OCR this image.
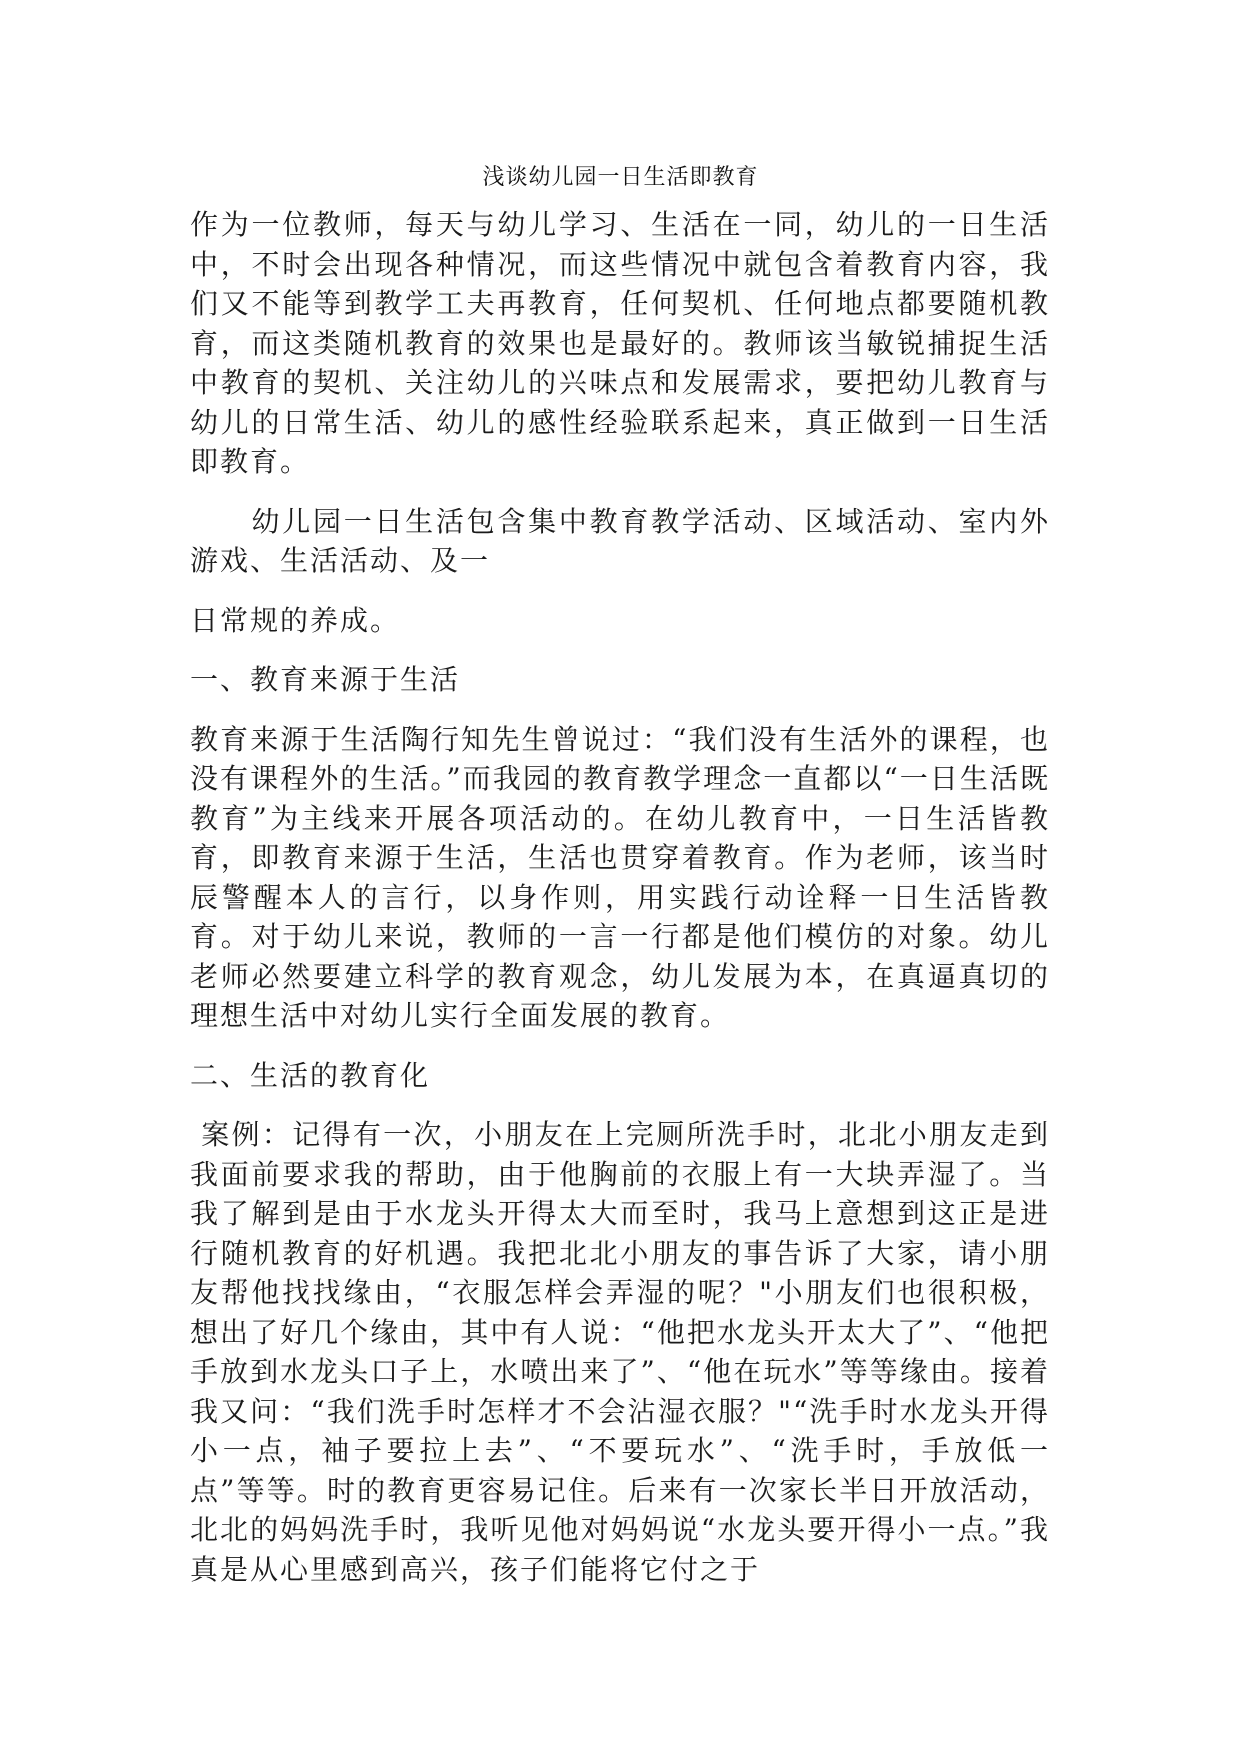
浅谈幼儿园一日生活即教育

作为一位教师，每天与幼儿学习、生活在一同，幼儿的一日生活中，不时会出现各种情况，而这些情况中就包含着教育内容，我们又不能等到教学工夫再教育，任何契机、任何地点都要随机教育，而这类随机教育的效果也是最好的。教师该当敏锐捕捉生活中教育的契机、关注幼儿的兴味点和发展需求，要把幼儿教育与幼儿的日常生活、幼儿的感性经验联系起来，真正做到一日生活即教育。

　　幼儿园一日生活包含集中教育教学活动、区域活动、室内外游戏、生活活动、及一

日常规的养成。

一、教育来源于生活

教育来源于生活陶行知先生曾说过：“我们没有生活外的课程，也没有课程外的生活。”而我园的教育教学理念一直都以“一日生活既教育”为主线来开展各项活动的。在幼儿教育中，一日生活皆教育，即教育来源于生活，生活也贯穿着教育。作为老师，该当时辰警醒本人的言行，以身作则，用实践行动诠释一日生活皆教育。对于幼儿来说，教师的一言一行都是他们模仿的对象。幼儿老师必然要建立科学的教育观念，幼儿发展为本，在真逼真切的理想生活中对幼儿实行全面发展的教育。

二、生活的教育化

案例：记得有一次，小朋友在上完厕所洗手时，北北小朋友走到我面前要求我的帮助，由于他胸前的衣服上有一大块弄湿了。当我了解到是由于水龙头开得太大而至时，我马上意想到这正是进行随机教育的好机遇。我把北北小朋友的事告诉了大家，请小朋友帮他找找缘由，“衣服怎样会弄湿的呢？"小朋友们也很积极，想出了好几个缘由，其中有人说：“他把水龙头开太大了”、“他把手放到水龙头口子上，水喷出来了”、“他在玩水”等等缘由。接着我又问：“我们洗手时怎样才不会沾湿衣服？"“洗手时水龙头开得小一点，袖子要拉上去”、“不要玩水”、“洗手时，手放低一点”等等。时的教育更容易记住。后来有一次家长半日开放活动，北北的妈妈洗手时，我听见他对妈妈说“水龙头要开得小一点。”我真是从心里感到高兴，孩子们能将它付之于
